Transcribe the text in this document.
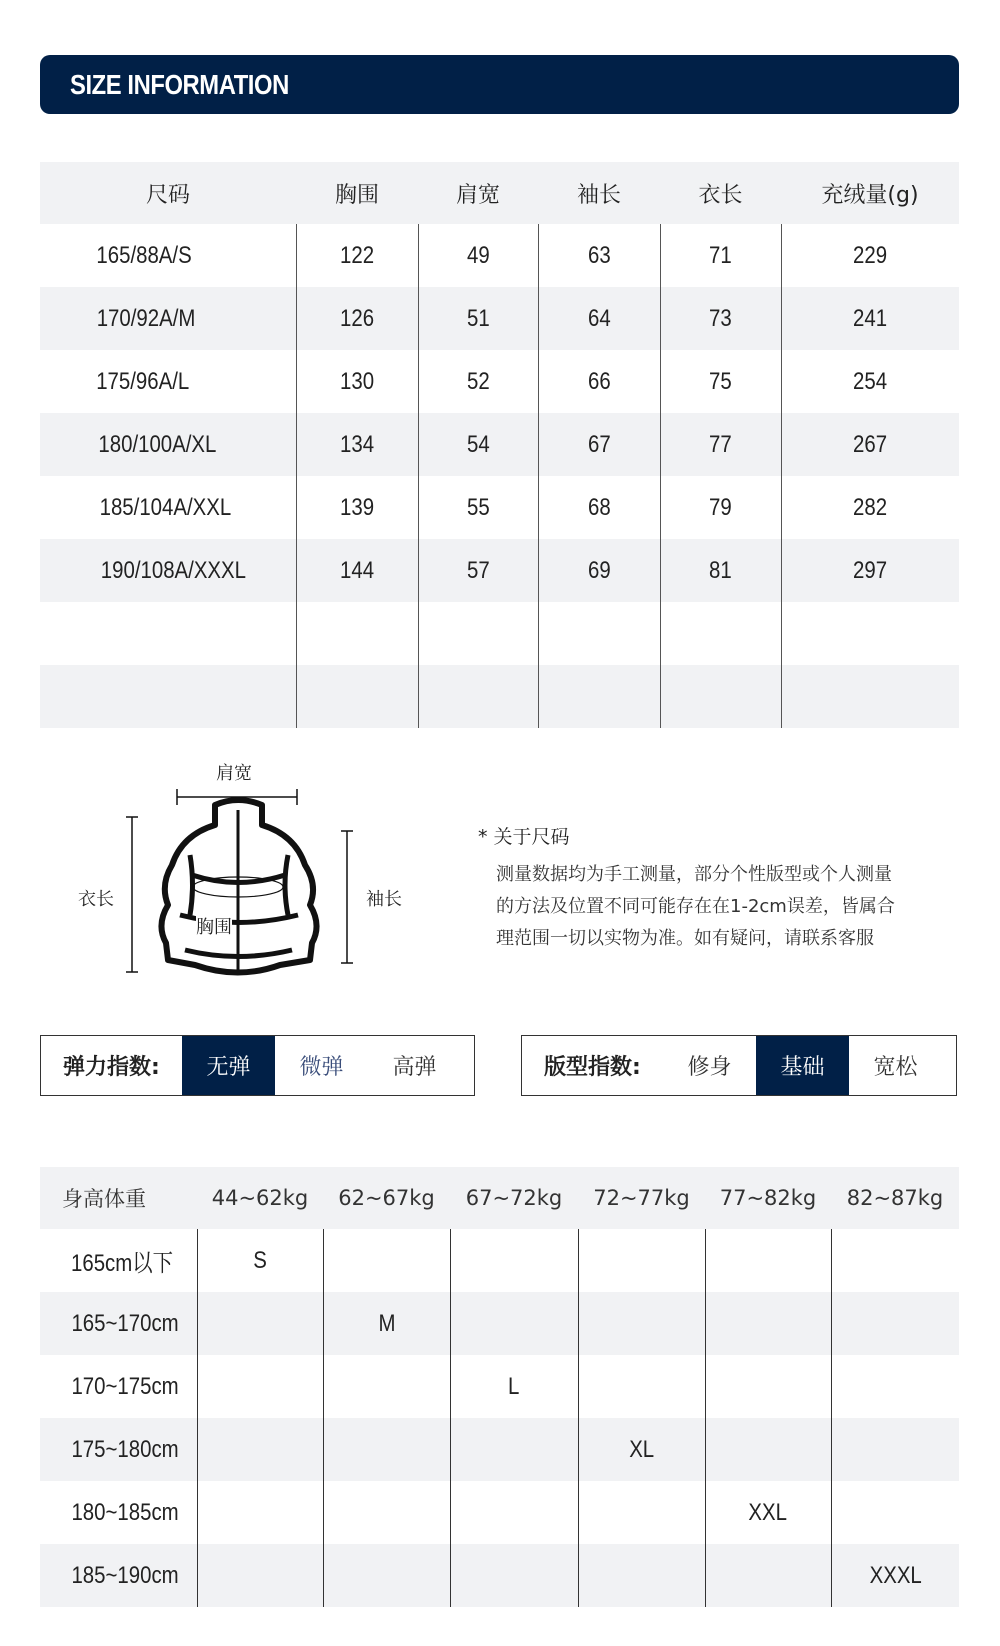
SIZE INFORMATION
尺码	胸围	肩宽	袖长	衣长	充绒量(g)
165/88A/S	122	49	63	71	229
170/92A/M	126	51	64	73	241
175/96A/L	130	52	66	75	254
180/100A/XL	134	54	67	77	267
185/104A/XXL	139	55	68	79	282
190/108A/XXXL	144	57	69	81	297

肩宽
衣长	袖长
胸围
* 关于尺码

测量数据均为手工测量，部分个性版型或个人测量

的方法及位置不同可能存在在1-2cm误差，皆属合

理范围一切以实物为准。如有疑问，请联系客服

弹力指数:	无弹	微弹	高弹	版型指数:	修身	基础	宽松
身高体重	44~62kg	62~67kg	67~72kg	72~77kg	77~82kg	82~87kg
165cm以下	S					
165~170cm		M				
170~175cm			L			
175~180cm				XL		
180~185cm					XXL	
185~190cm						XXXL
